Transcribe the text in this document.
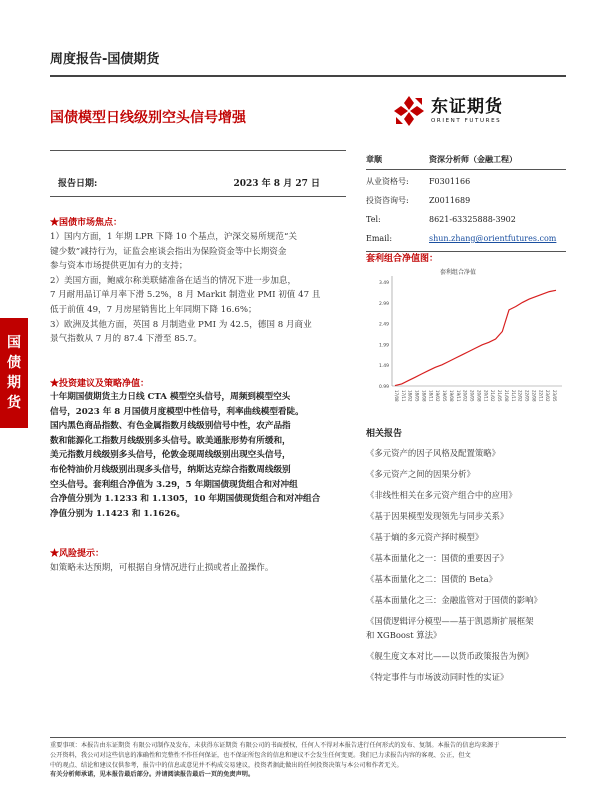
国
债
期
货
周度报告-国债期货
国债模型日线级别空头信号增强
东证期货
ORIENT FUTURES
报告日期:	2023 年 8 月 27 日
★国债市场焦点：
1）国内方面，1 年期 LPR 下降 10 个基点，沪深交易所规范“关
键少数”减持行为，证监会座谈会指出为保险资金等中长期资金
参与资本市场提供更加有力的支持；
2）美国方面，鲍威尔称美联储准备在适当的情况下进一步加息，
7 月耐用品订单月率下滑 5.2%，8 月 Markit 制造业 PMI 初值 47 且
低于前值 49，7 月房屋销售比上年同期下降 16.6%；
3）欧洲及其他方面，英国 8 月制造业 PMI 为 42.5，德国 8 月商业
景气指数从 7 月的 87.4 下滑至 85.7。
★投资建议及策略净值：
十年期国债期货主力日线 CTA 模型空头信号，周频到模型空头
信号，2023 年 8 月国债月度模型中性信号，利率曲线模型看陡。
国内黑色商品指数、有色金属指数月线级别信号中性，农产品指
数和能源化工指数月线级别多头信号。欧美通胀形势有所缓和，
美元指数月线级别多头信号，伦敦金现周线级别出现空头信号，
布伦特油价月线级别出现多头信号，纳斯达克综合指数周线级别
空头信号。套利组合净值为 3.29，5 年期国债现货组合和对冲组
合净值分别为 1.1233 和 1.1305，10 年期国债现货组合和对冲组合
净值分别为 1.1423 和 1.1626。
★风险提示：
如策略未达预期，可根据自身情况进行止损或者止盈操作。
章顺	资深分析师（金融工程）
从业资格号:	F0301166
投资咨询号:	Z0011689
Tel:	8621-63325888-3902
Email:	shun.zhang@orientfutures.com
套利组合净值图：
套利组合净值
3.49
2.99
2.49
1.99
1.49
0.99
17/08 17/11 18/02 18/05 18/08 18/11 19/02 19/05 19/08 19/11 20/02 20/05 20/08 20/11 21/02 21/05 21/08 21/11 22/02 22/05 22/08 22/11 23/02 23/05
相关报告
《多元资产的因子风格及配置策略》
《多元资产之间的因果分析》
《非线性相关在多元资产组合中的应用》
《基于因果模型发现领先与同步关系》
《基于熵的多元资产择时模型》
《基本面量化之一：国债的重要因子》
《基本面量化之二：国债的 Beta》
《基本面量化之三：金融监管对于国债的影响》
《国债逻辑评分模型——基于凯恩斯扩展框架
和 XGBoost 算法》
《舰生度文本对比——以货币政策报告为例》
《特定事件与市场波动同时性的实证》
重要事项：本报告由东证期货 有限公司制作及发布，未获得东证期货 有限公司的书面授权，任何人不得对本报告进行任何形式的发布、复制。本报告的信息均来源于
公开资料，我公司对这些信息的准确性和完整性不作任何保证，也不保证所包含的信息和建议不会发生任何变更。我们已力求报告内容的客观、公正，但文
中的观点、结论和建议仅供参考，报告中的信息或意见并不构成交易建议，投资者据此做出的任何投资决策与本公司和作者无关。
有关分析师承诺，见本报告最后部分。并请阅读报告最后一页的免责声明。
